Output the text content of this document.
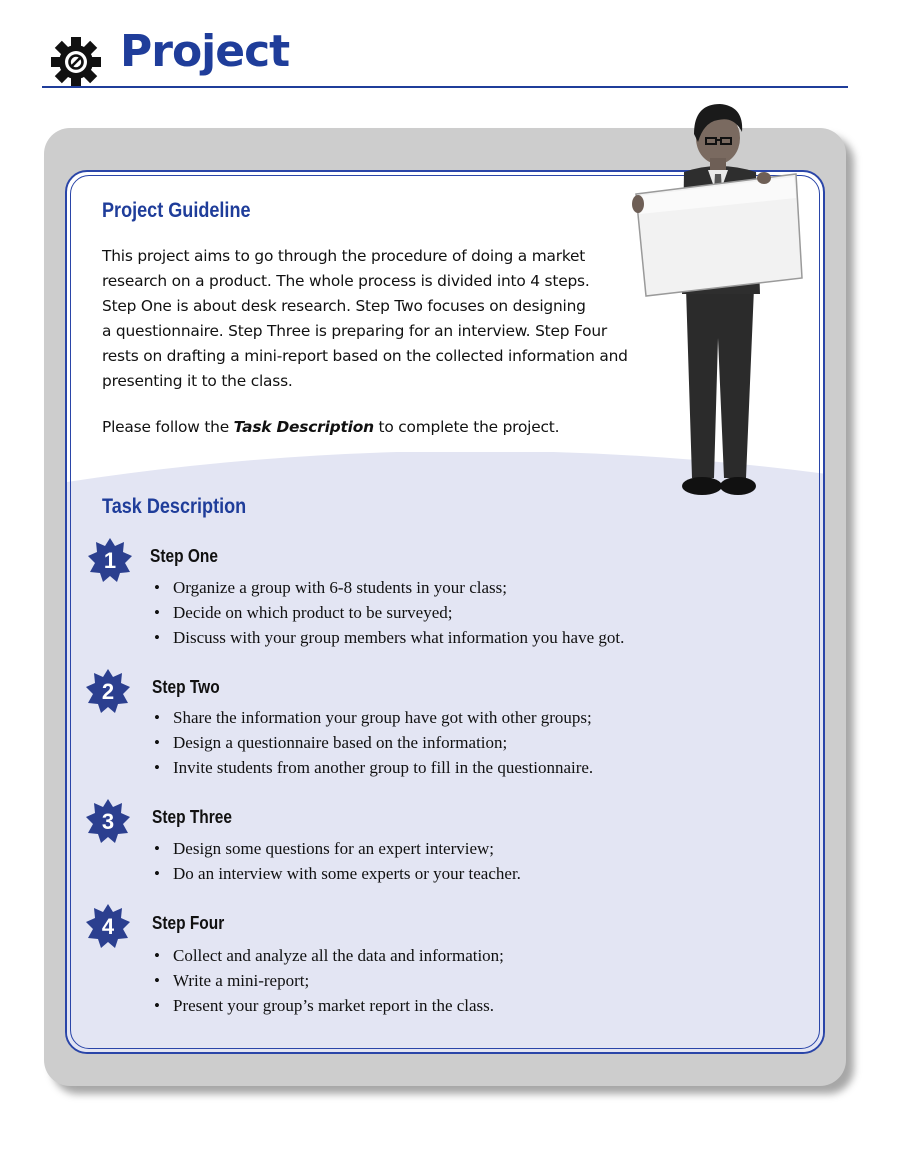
Project
Project Guideline

This project aims to go through the procedure of doing a market

research on a product. The whole process is divided into 4 steps.

Step One is about desk research. Step Two focuses on designing

a questionnaire. Step Three is preparing for an interview. Step Four

rests on drafting a mini-report based on the collected information and

presenting it to the class.

Please follow the Task Description to complete the project.
Task Description
1 Step One
• Organize a group with 6-8 students in your class;
• Decide on which product to be surveyed;
• Discuss with your group members what information you have got.
2 Step Two
• Share the information your group have got with other groups;
• Design a questionnaire based on the information;
• Invite students from another group to fill in the questionnaire.
3 Step Three
• Design some questions for an expert interview;
• Do an interview with some experts or your teacher.
4 Step Four
• Collect and analyze all the data and information;
• Write a mini-report;
• Present your group’s market report in the class.
